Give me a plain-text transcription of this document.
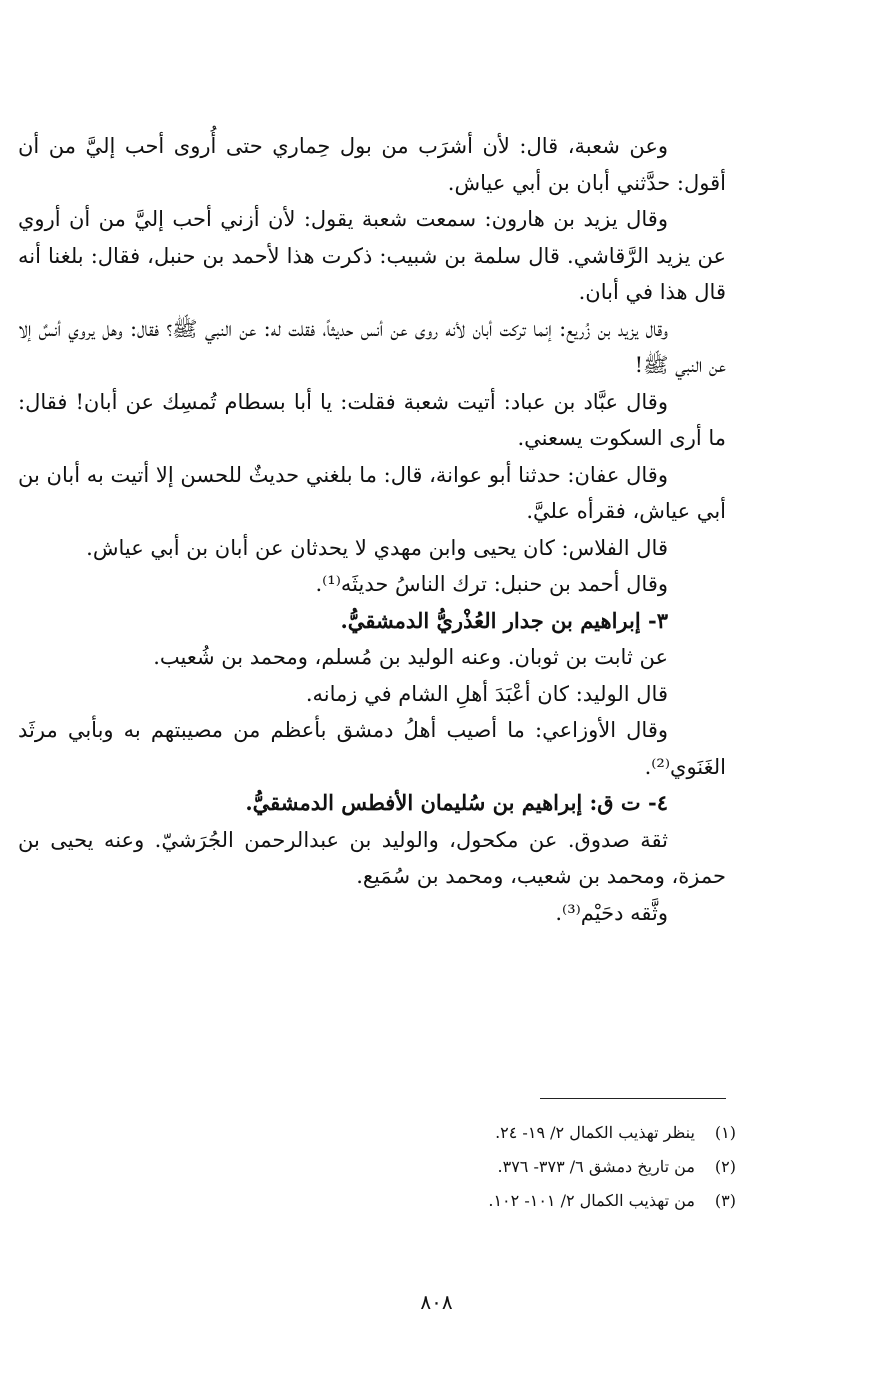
وعن شعبة، قال: لأن أشرَب من بول حِماري حتى أُروى أحب إليَّ من أن أقول: حدَّثني أبان بن أبي عياش.

وقال يزيد بن هارون: سمعت شعبة يقول: لأن أزني أحب إليَّ من أن أروي عن يزيد الرَّقاشي. قال سلمة بن شبيب: ذكرت هذا لأحمد بن حنبل، فقال: بلغنا أنه قال هذا في أبان.

وقال يزيد بن زُريع: إنما تركت أبان لأنه روى عن أنس حديثاً، فقلت له: عن النبي ﷺ؟ فقال: وهل يروي أنسٌ إلا عن النبي ﷺ!

وقال عبَّاد بن عباد: أتيت شعبة فقلت: يا أبا بسطام تُمسِك عن أبان! فقال: ما أرى السكوت يسعني.

وقال عفان: حدثنا أبو عوانة، قال: ما بلغني حديثٌ للحسن إلا أتيت به أبان بن أبي عياش، فقرأه عليَّ.

قال الفلاس: كان يحيى وابن مهدي لا يحدثان عن أبان بن أبي عياش.

وقال أحمد بن حنبل: ترك الناسُ حديثَه⁽¹⁾.

٣- إبراهيم بن جدار العُذْريُّ الدمشقيُّ.

عن ثابت بن ثوبان. وعنه الوليد بن مُسلم، ومحمد بن شُعيب.

قال الوليد: كان أعْبَدَ أهلِ الشام في زمانه.

وقال الأوزاعي: ما أصيب أهلُ دمشق بأعظم من مصيبتهم به وبأبي مرثَد الغَنَوي⁽²⁾.

٤- ت ق: إبراهيم بن سُليمان الأفطس الدمشقيُّ.

ثقة صدوق. عن مكحول، والوليد بن عبدالرحمن الجُرَشيّ. وعنه يحيى بن حمزة، ومحمد بن شعيب، ومحمد بن سُمَيع.

وثَّقه دحَيْم⁽³⁾.

(١) ينظر تهذيب الكمال ٢/ ١٩- ٢٤.

(٢) من تاريخ دمشق ٦/ ٣٧٣- ٣٧٦.

(٣) من تهذيب الكمال ٢/ ١٠١- ١٠٢.

٨٠٨
